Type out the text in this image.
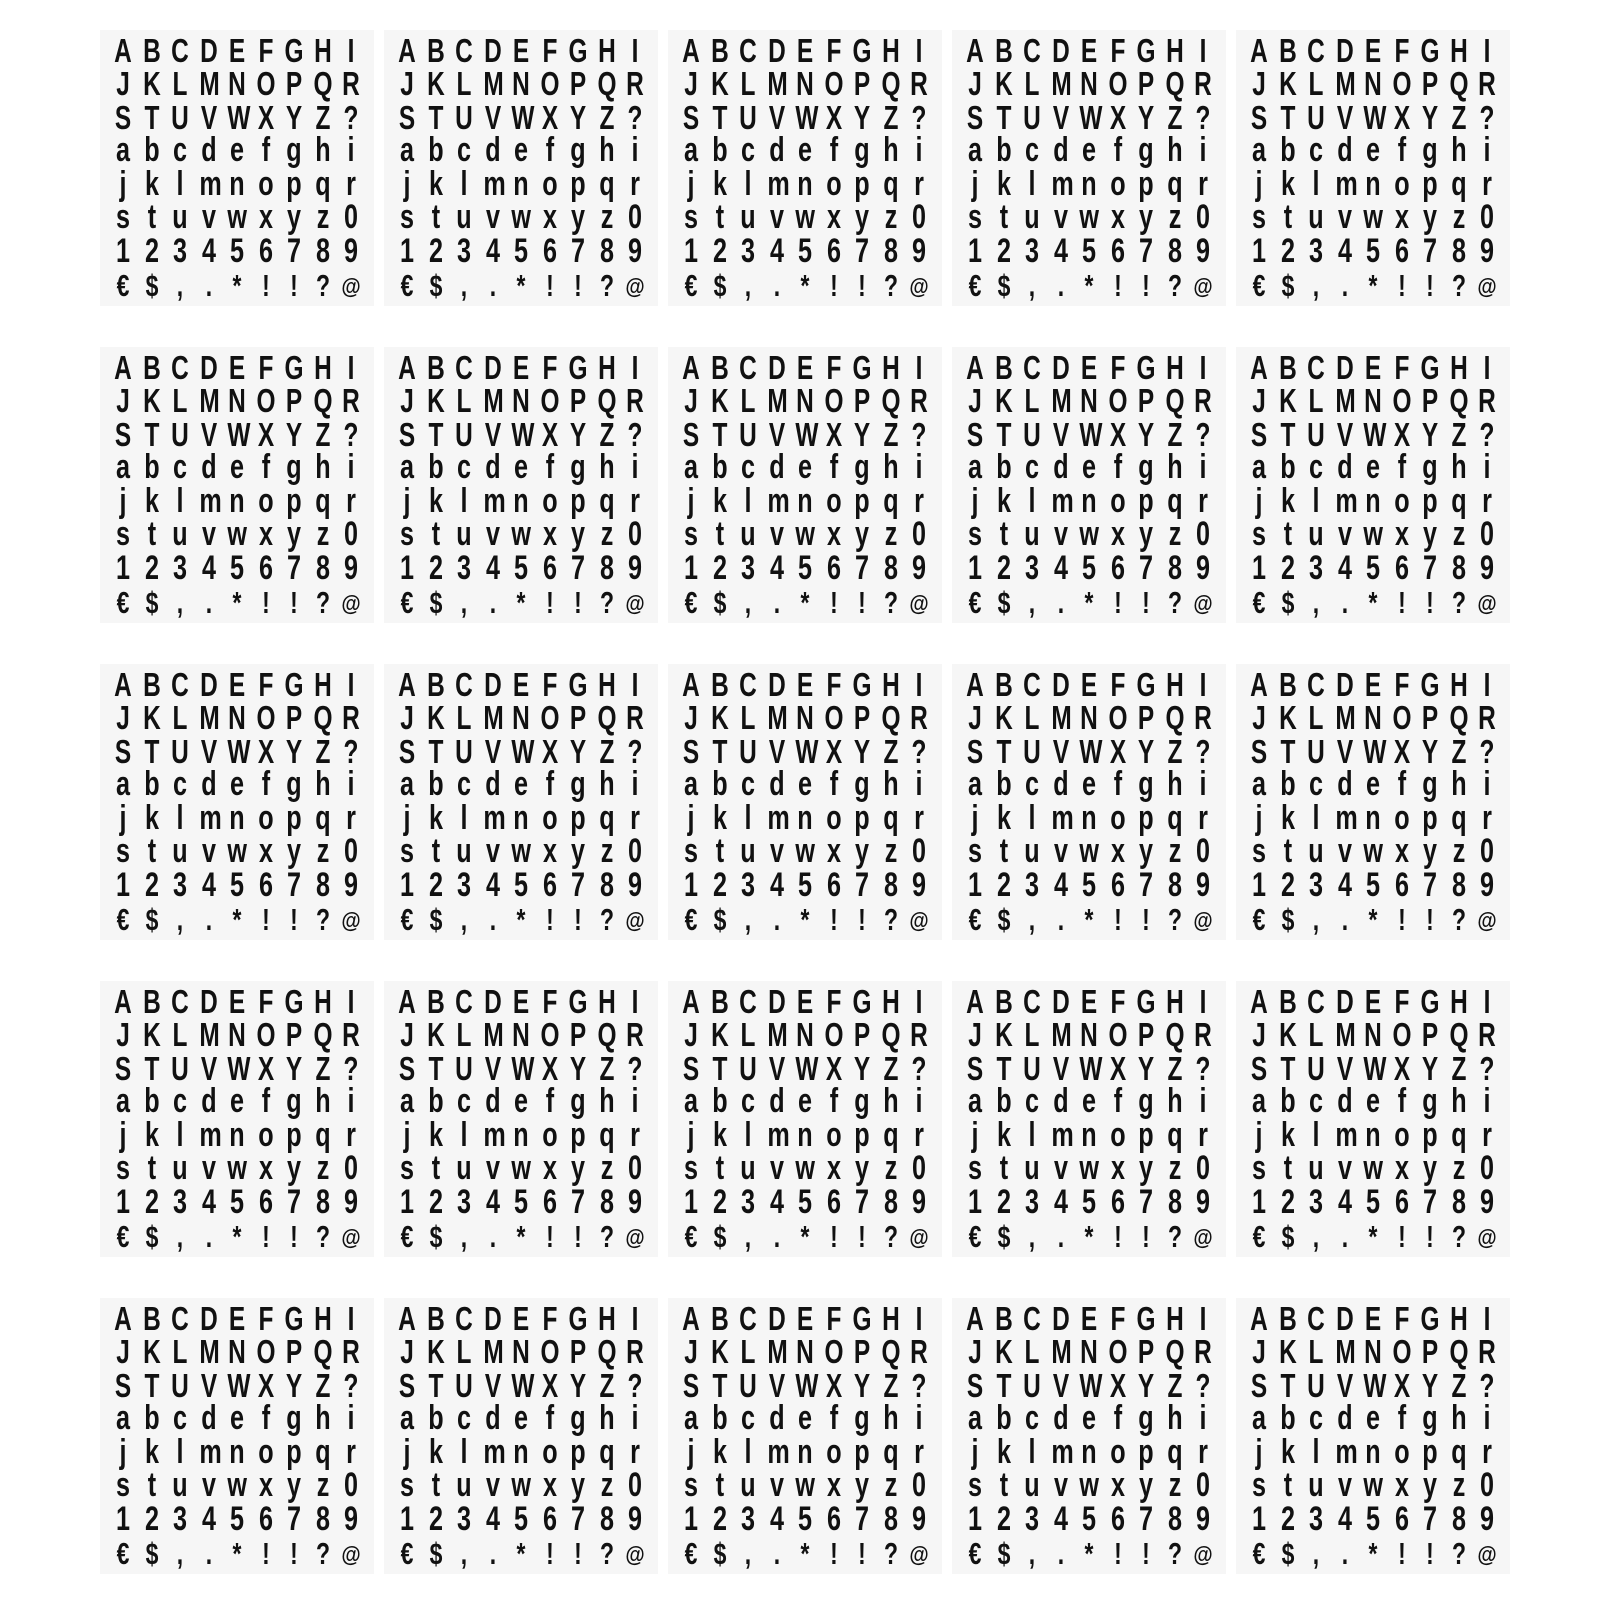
A B C D E F G H I
J K L M N O P Q R
S T U V W X Y Z ?
a b c d e f g h i
j k l m n o p q r
s t u v w x y z 0
1 2 3 4 5 6 7 8 9
€ $ , . * ! ! ? @
A B C D E F G H I
J K L M N O P Q R
S T U V W X Y Z ?
a b c d e f g h i
j k l m n o p q r
s t u v w x y z 0
1 2 3 4 5 6 7 8 9
€ $ , . * ! ! ? @
A B C D E F G H I
J K L M N O P Q R
S T U V W X Y Z ?
a b c d e f g h i
j k l m n o p q r
s t u v w x y z 0
1 2 3 4 5 6 7 8 9
€ $ , . * ! ! ? @
A B C D E F G H I
J K L M N O P Q R
S T U V W X Y Z ?
a b c d e f g h i
j k l m n o p q r
s t u v w x y z 0
1 2 3 4 5 6 7 8 9
€ $ , . * ! ! ? @
A B C D E F G H I
J K L M N O P Q R
S T U V W X Y Z ?
a b c d e f g h i
j k l m n o p q r
s t u v w x y z 0
1 2 3 4 5 6 7 8 9
€ $ , . * ! ! ? @
A B C D E F G H I
J K L M N O P Q R
S T U V W X Y Z ?
a b c d e f g h i
j k l m n o p q r
s t u v w x y z 0
1 2 3 4 5 6 7 8 9
€ $ , . * ! ! ? @
A B C D E F G H I
J K L M N O P Q R
S T U V W X Y Z ?
a b c d e f g h i
j k l m n o p q r
s t u v w x y z 0
1 2 3 4 5 6 7 8 9
€ $ , . * ! ! ? @
A B C D E F G H I
J K L M N O P Q R
S T U V W X Y Z ?
a b c d e f g h i
j k l m n o p q r
s t u v w x y z 0
1 2 3 4 5 6 7 8 9
€ $ , . * ! ! ? @
A B C D E F G H I
J K L M N O P Q R
S T U V W X Y Z ?
a b c d e f g h i
j k l m n o p q r
s t u v w x y z 0
1 2 3 4 5 6 7 8 9
€ $ , . * ! ! ? @
A B C D E F G H I
J K L M N O P Q R
S T U V W X Y Z ?
a b c d e f g h i
j k l m n o p q r
s t u v w x y z 0
1 2 3 4 5 6 7 8 9
€ $ , . * ! ! ? @
A B C D E F G H I
J K L M N O P Q R
S T U V W X Y Z ?
a b c d e f g h i
j k l m n o p q r
s t u v w x y z 0
1 2 3 4 5 6 7 8 9
€ $ , . * ! ! ? @
A B C D E F G H I
J K L M N O P Q R
S T U V W X Y Z ?
a b c d e f g h i
j k l m n o p q r
s t u v w x y z 0
1 2 3 4 5 6 7 8 9
€ $ , . * ! ! ? @
A B C D E F G H I
J K L M N O P Q R
S T U V W X Y Z ?
a b c d e f g h i
j k l m n o p q r
s t u v w x y z 0
1 2 3 4 5 6 7 8 9
€ $ , . * ! ! ? @
A B C D E F G H I
J K L M N O P Q R
S T U V W X Y Z ?
a b c d e f g h i
j k l m n o p q r
s t u v w x y z 0
1 2 3 4 5 6 7 8 9
€ $ , . * ! ! ? @
A B C D E F G H I
J K L M N O P Q R
S T U V W X Y Z ?
a b c d e f g h i
j k l m n o p q r
s t u v w x y z 0
1 2 3 4 5 6 7 8 9
€ $ , . * ! ! ? @
A B C D E F G H I
J K L M N O P Q R
S T U V W X Y Z ?
a b c d e f g h i
j k l m n o p q r
s t u v w x y z 0
1 2 3 4 5 6 7 8 9
€ $ , . * ! ! ? @
A B C D E F G H I
J K L M N O P Q R
S T U V W X Y Z ?
a b c d e f g h i
j k l m n o p q r
s t u v w x y z 0
1 2 3 4 5 6 7 8 9
€ $ , . * ! ! ? @
A B C D E F G H I
J K L M N O P Q R
S T U V W X Y Z ?
a b c d e f g h i
j k l m n o p q r
s t u v w x y z 0
1 2 3 4 5 6 7 8 9
€ $ , . * ! ! ? @
A B C D E F G H I
J K L M N O P Q R
S T U V W X Y Z ?
a b c d e f g h i
j k l m n o p q r
s t u v w x y z 0
1 2 3 4 5 6 7 8 9
€ $ , . * ! ! ? @
A B C D E F G H I
J K L M N O P Q R
S T U V W X Y Z ?
a b c d e f g h i
j k l m n o p q r
s t u v w x y z 0
1 2 3 4 5 6 7 8 9
€ $ , . * ! ! ? @
A B C D E F G H I
J K L M N O P Q R
S T U V W X Y Z ?
a b c d e f g h i
j k l m n o p q r
s t u v w x y z 0
1 2 3 4 5 6 7 8 9
€ $ , . * ! ! ? @
A B C D E F G H I
J K L M N O P Q R
S T U V W X Y Z ?
a b c d e f g h i
j k l m n o p q r
s t u v w x y z 0
1 2 3 4 5 6 7 8 9
€ $ , . * ! ! ? @
A B C D E F G H I
J K L M N O P Q R
S T U V W X Y Z ?
a b c d e f g h i
j k l m n o p q r
s t u v w x y z 0
1 2 3 4 5 6 7 8 9
€ $ , . * ! ! ? @
A B C D E F G H I
J K L M N O P Q R
S T U V W X Y Z ?
a b c d e f g h i
j k l m n o p q r
s t u v w x y z 0
1 2 3 4 5 6 7 8 9
€ $ , . * ! ! ? @
A B C D E F G H I
J K L M N O P Q R
S T U V W X Y Z ?
a b c d e f g h i
j k l m n o p q r
s t u v w x y z 0
1 2 3 4 5 6 7 8 9
€ $ , . * ! ! ? @
